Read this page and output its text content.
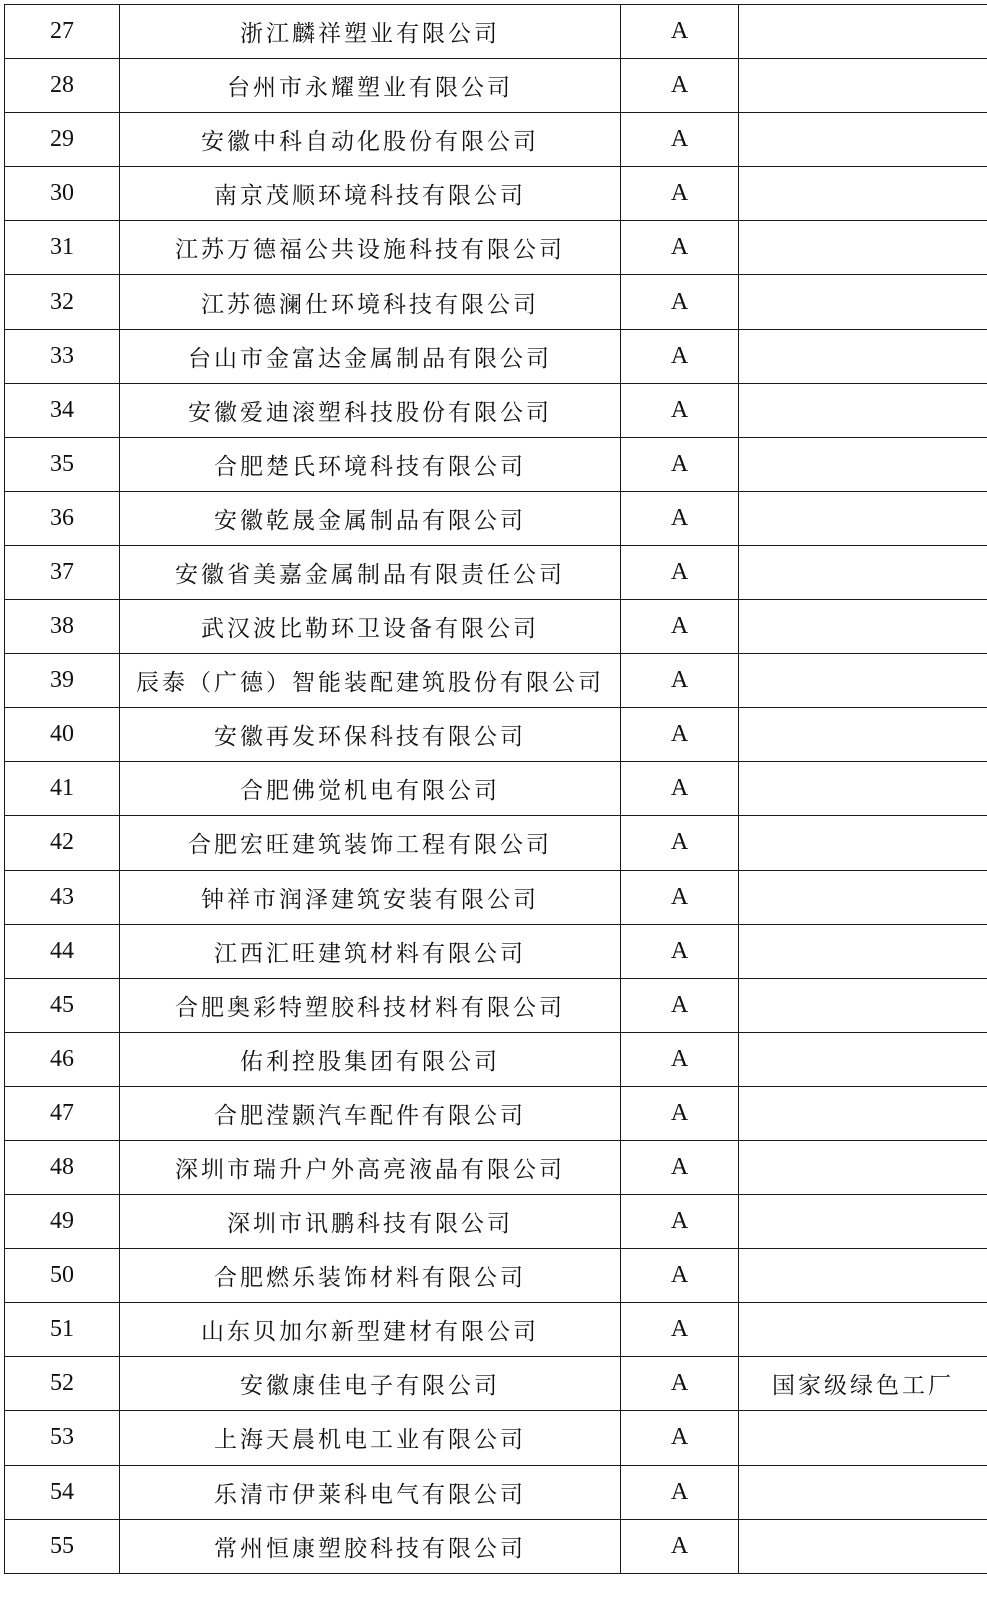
27	浙江麟祥塑业有限公司	A	
28	台州市永耀塑业有限公司	A	
29	安徽中科自动化股份有限公司	A	
30	南京茂顺环境科技有限公司	A	
31	江苏万德福公共设施科技有限公司	A	
32	江苏德澜仕环境科技有限公司	A	
33	台山市金富达金属制品有限公司	A	
34	安徽爱迪滚塑科技股份有限公司	A	
35	合肥楚氏环境科技有限公司	A	
36	安徽乾晟金属制品有限公司	A	
37	安徽省美嘉金属制品有限责任公司	A	
38	武汉波比勒环卫设备有限公司	A	
39	辰泰（广德）智能装配建筑股份有限公司	A	
40	安徽再发环保科技有限公司	A	
41	合肥佛觉机电有限公司	A	
42	合肥宏旺建筑装饰工程有限公司	A	
43	钟祥市润泽建筑安装有限公司	A	
44	江西汇旺建筑材料有限公司	A	
45	合肥奥彩特塑胶科技材料有限公司	A	
46	佑利控股集团有限公司	A	
47	合肥滢颢汽车配件有限公司	A	
48	深圳市瑞升户外高亮液晶有限公司	A	
49	深圳市讯鹏科技有限公司	A	
50	合肥燃乐装饰材料有限公司	A	
51	山东贝加尔新型建材有限公司	A	
52	安徽康佳电子有限公司	A	国家级绿色工厂
53	上海天晨机电工业有限公司	A	
54	乐清市伊莱科电气有限公司	A	
55	常州恒康塑胶科技有限公司	A	
